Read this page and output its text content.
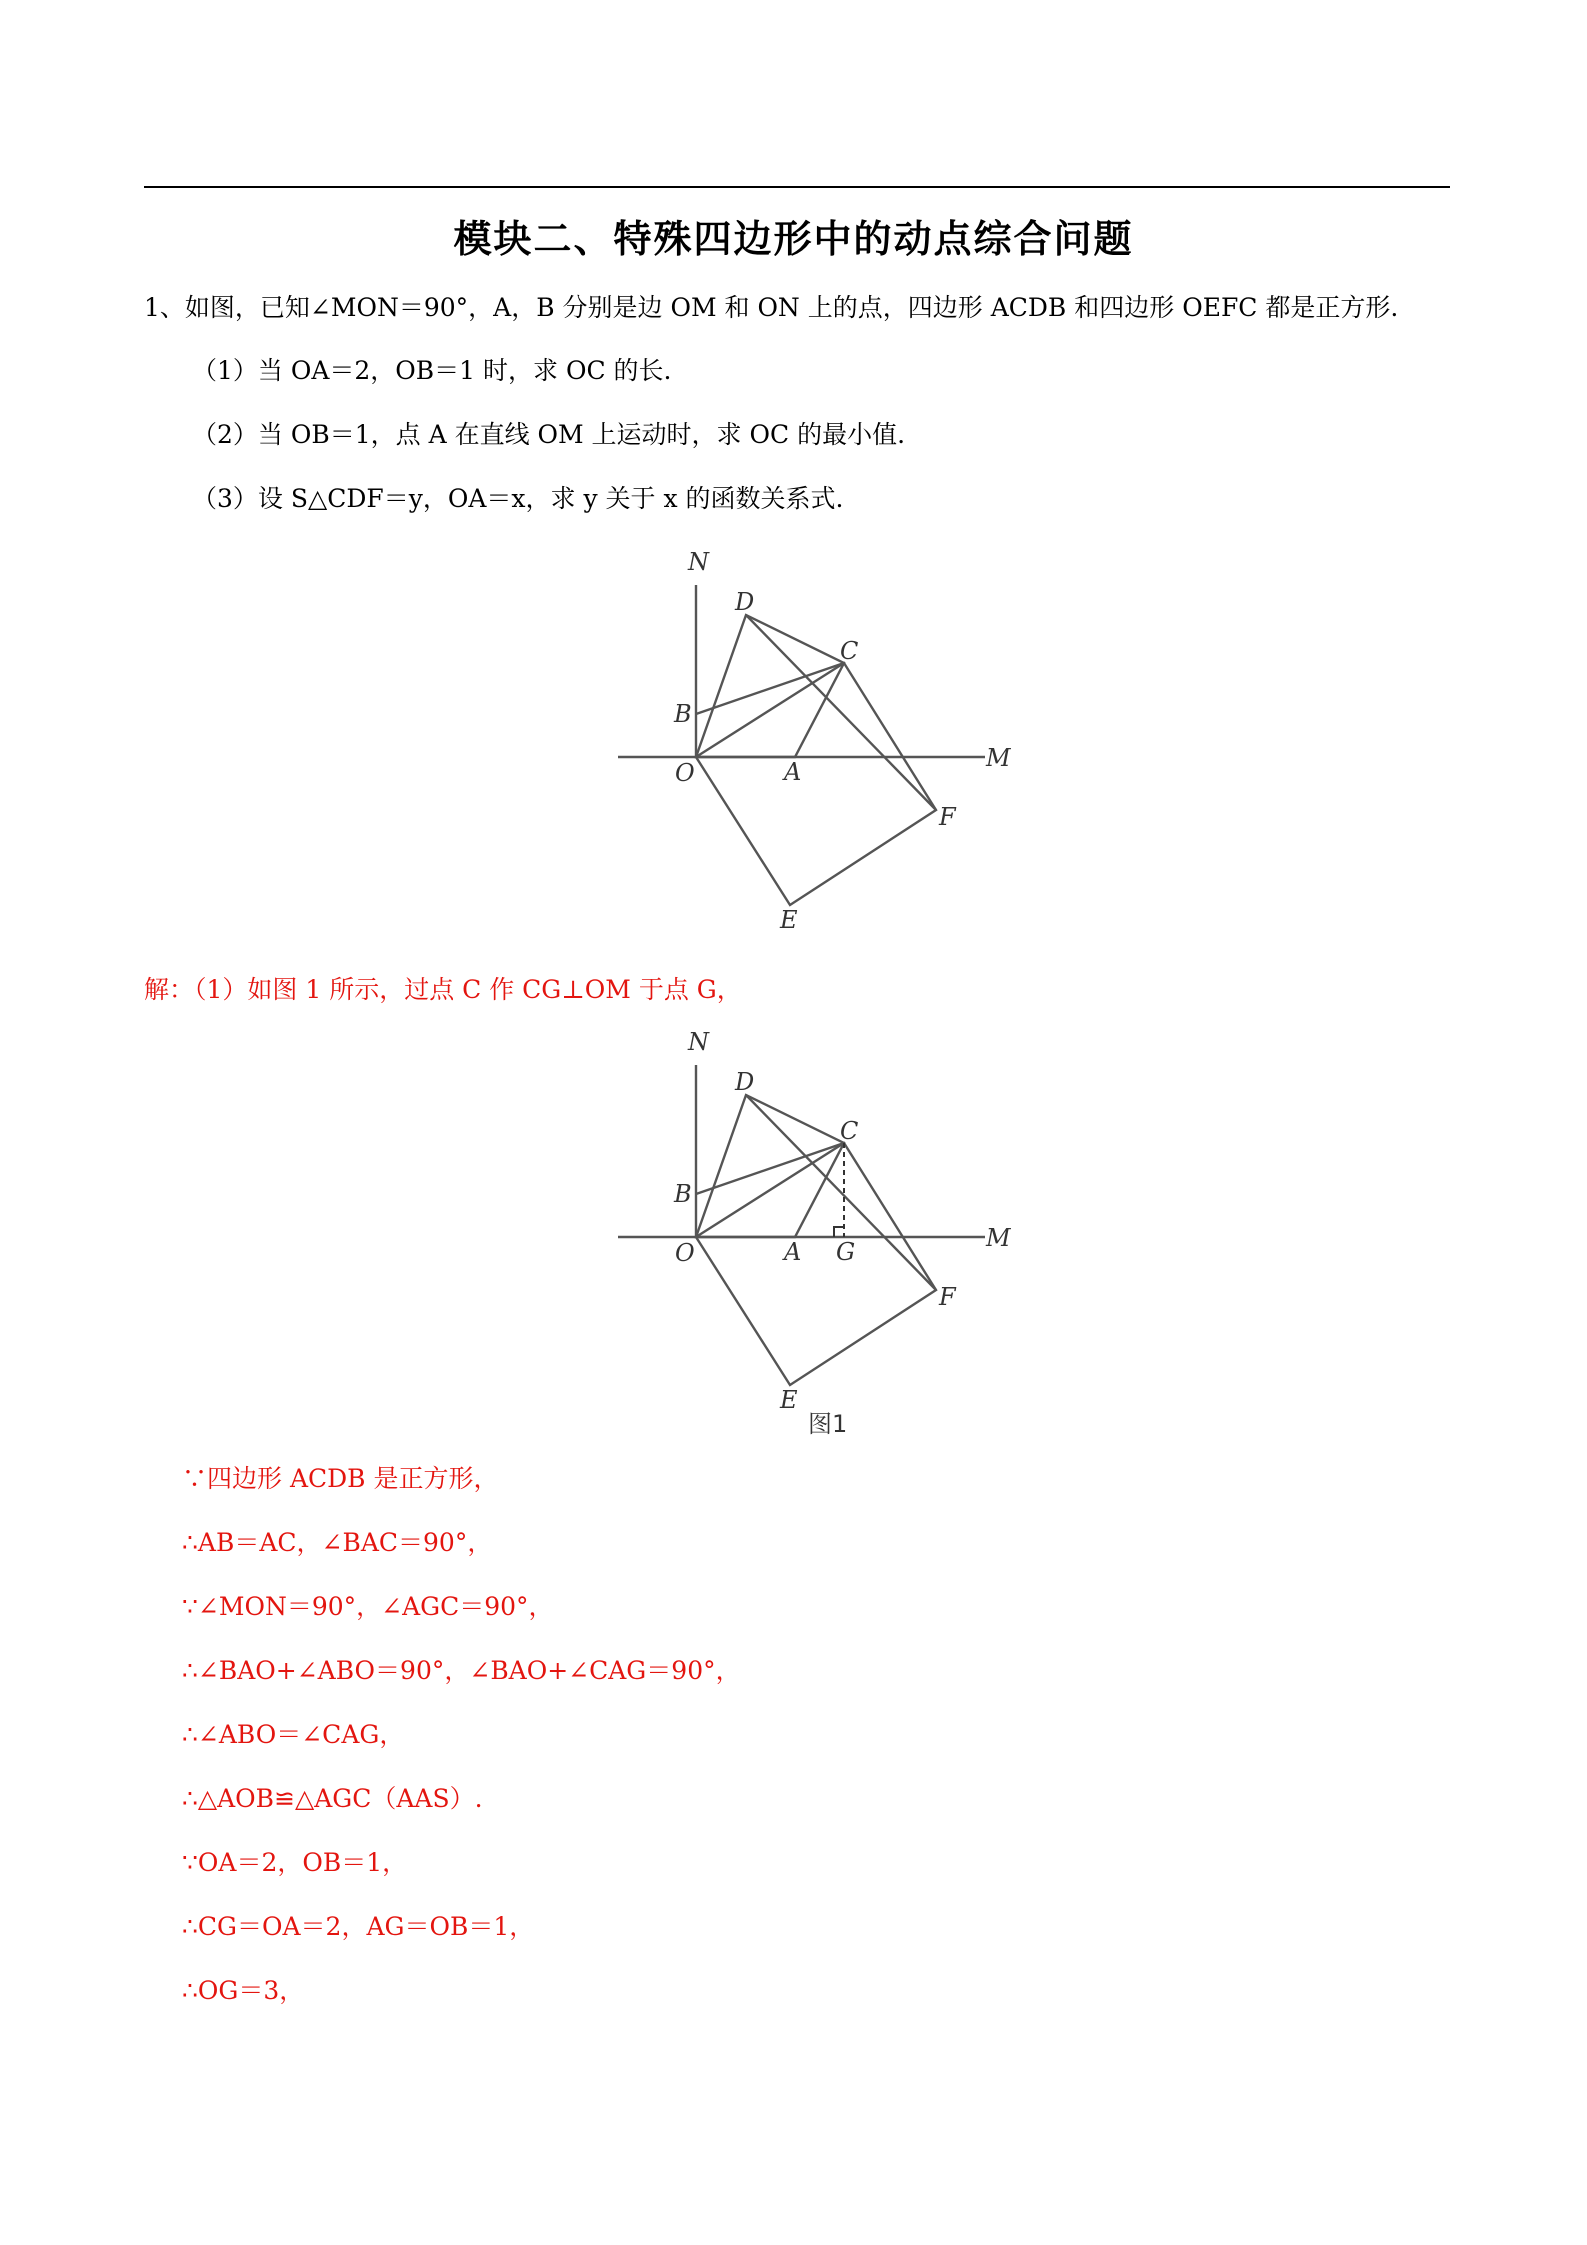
模块二、特殊四边形中的动点综合问题
1、如图，已知∠MON＝90°，A，B 分别是边 OM 和 ON 上的点，四边形 ACDB 和四边形 OEFC 都是正方形.
（1）当 OA＝2，OB＝1 时，求 OC 的长.
（2）当 OB＝1，点 A 在直线 OM 上运动时，求 OC 的最小值.
（3）设 S△CDF＝y，OA＝x，求 y 关于 x 的函数关系式.
N
D
C
B
O	A	M
F
E
解：（1）如图 1 所示，过点 C 作 CG⊥OM 于点 G，
N
D
C
B
O	A G	M
F
E
图1
∵四边形 ACDB 是正方形，
∴AB＝AC，∠BAC＝90°，
∵∠MON＝90°，∠AGC＝90°，
∴∠BAO+∠ABO＝90°，∠BAO+∠CAG＝90°，
∴∠ABO＝∠CAG，
∴△AOB≌△AGC（AAS）.
∵OA＝2，OB＝1，
∴CG＝OA＝2，AG＝OB＝1，
∴OG＝3，
